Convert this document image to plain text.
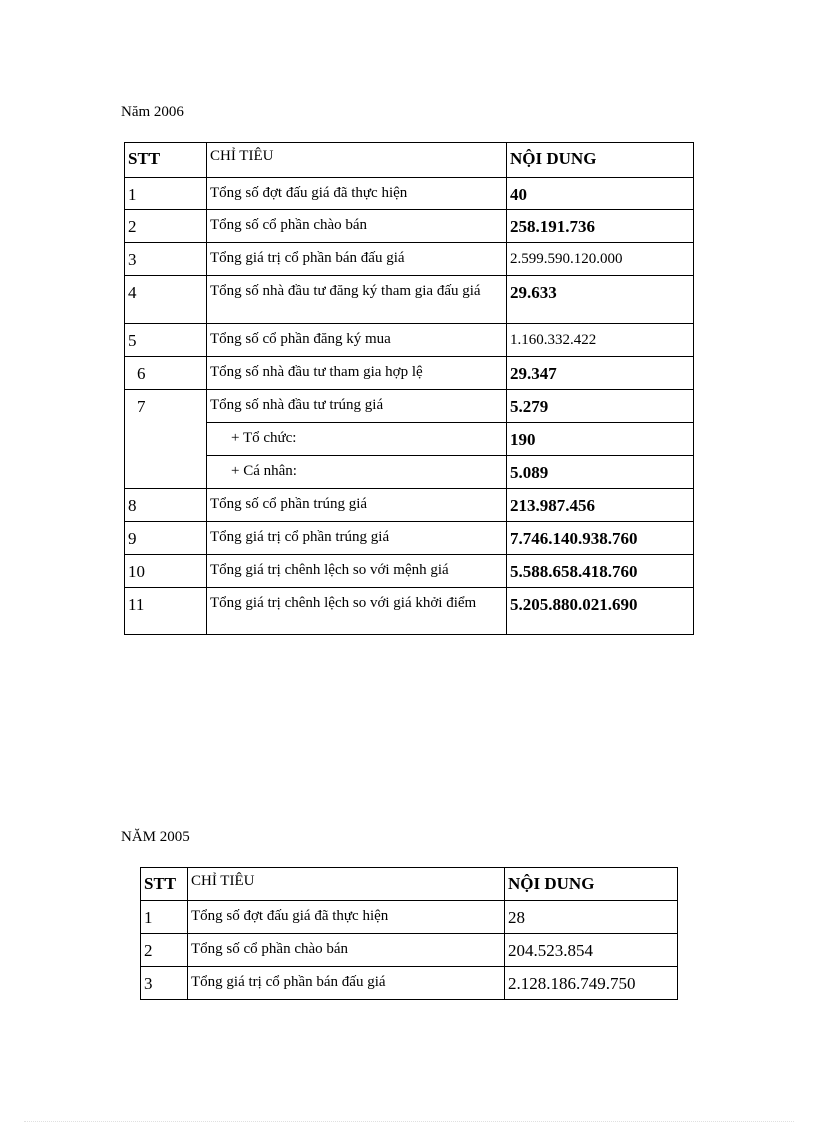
Năm 2006
STT	CHỈ TIÊU	NỘI DUNG
1	Tổng số đợt đấu giá đã thực hiện	40
2	Tổng số cổ phần chào bán	258.191.736
3	Tổng giá trị cổ phần bán đấu giá	2.599.590.120.000
4	Tổng số nhà đầu tư đăng ký tham gia đấu giá	29.633
5	Tổng số cổ phần đăng ký mua	1.160.332.422
6	Tổng số nhà đầu tư tham gia hợp lệ	29.347
7	Tổng số nhà đầu tư trúng giá	5.279
	+ Tổ chức:	190
	+ Cá nhân:	5.089
8	Tổng số cổ phần trúng giá	213.987.456
9	Tổng giá trị cổ phần trúng giá	7.746.140.938.760
10	Tổng giá trị chênh lệch so với mệnh giá	5.588.658.418.760
11	Tổng giá trị chênh lệch so với giá khởi điểm	5.205.880.021.690
NĂM 2005
STT	CHỈ TIÊU	NỘI DUNG
1	Tổng số đợt đấu giá đã thực hiện	28
2	Tổng số cổ phần chào bán	204.523.854
3	Tổng giá trị cổ phần bán đấu giá	2.128.186.749.750
